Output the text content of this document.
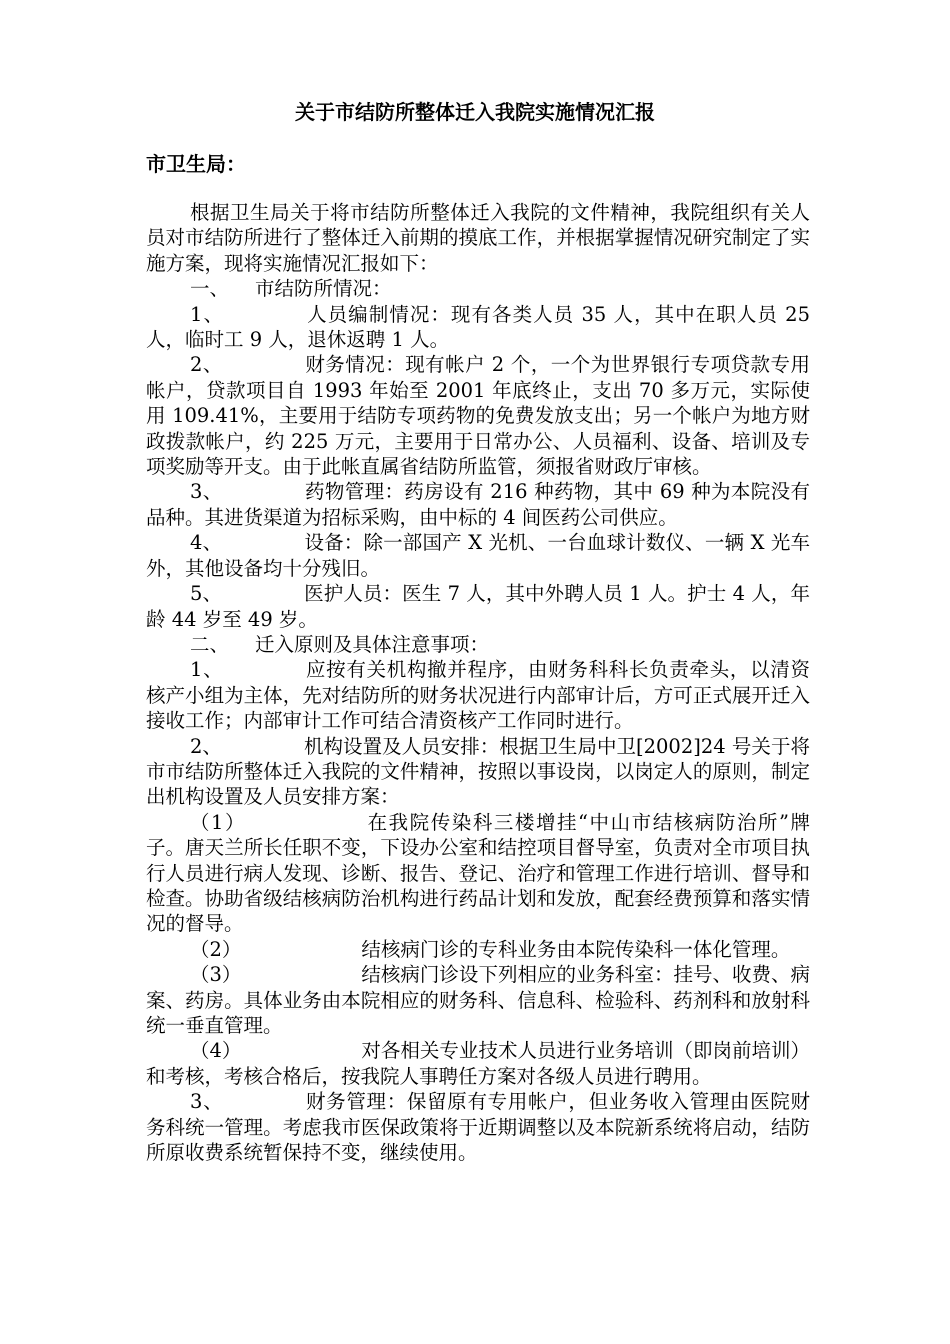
关于市结防所整体迁入我院实施情况汇报
市卫生局：

根据卫生局关于将市结防所整体迁入我院的文件精神，我院组织有关人员对市结防所进行了整体迁入前期的摸底工作，并根据掌握情况研究制定了实施方案，现将实施情况汇报如下：

一、 市结防所情况：

1、	人员编制情况：现有各类人员 35 人，其中在职人员 25 人，临时工 9 人，退休返聘 1 人。

2、	财务情况：现有帐户 2 个，一个为世界银行专项贷款专用帐户，贷款项目自 1993 年始至 2001 年底终止，支出 70 多万元，实际使用 109.41%，主要用于结防专项药物的免费发放支出；另一个帐户为地方财政拨款帐户，约 225 万元，主要用于日常办公、人员福利、设备、培训及专项奖励等开支。由于此帐直属省结防所监管，须报省财政厅审核。

3、	药物管理：药房设有 216 种药物，其中 69 种为本院没有品种。其进货渠道为招标采购，由中标的 4 间医药公司供应。

4、	设备：除一部国产 X 光机、一台血球计数仪、一辆 X 光车外，其他设备均十分残旧。

5、	医护人员：医生 7 人，其中外聘人员 1 人。护士 4 人，年龄 44 岁至 49 岁。

二、 迁入原则及具体注意事项：

1、	应按有关机构撤并程序，由财务科科长负责牵头，以清资核产小组为主体，先对结防所的财务状况进行内部审计后，方可正式展开迁入接收工作；内部审计工作可结合清资核产工作同时进行。

2、	机构设置及人员安排：根据卫生局中卫[2002]24 号关于将市市结防所整体迁入我院的文件精神，按照以事设岗，以岗定人的原则，制定出机构设置及人员安排方案：

（1）	在我院传染科三楼增挂“中山市结核病防治所”牌子。唐天兰所长任职不变，下设办公室和结控项目督导室，负责对全市项目执行人员进行病人发现、诊断、报告、登记、治疗和管理工作进行培训、督导和检查。协助省级结核病防治机构进行药品计划和发放，配套经费预算和落实情况的督导。

（2）	结核病门诊的专科业务由本院传染科一体化管理。

（3）	结核病门诊设下列相应的业务科室：挂号、收费、病案、药房。具体业务由本院相应的财务科、信息科、检验科、药剂科和放射科统一垂直管理。

（4）	对各相关专业技术人员进行业务培训（即岗前培训）和考核，考核合格后，按我院人事聘任方案对各级人员进行聘用。

3、	财务管理：保留原有专用帐户，但业务收入管理由医院财务科统一管理。考虑我市医保政策将于近期调整以及本院新系统将启动，结防所原收费系统暂保持不变，继续使用。
